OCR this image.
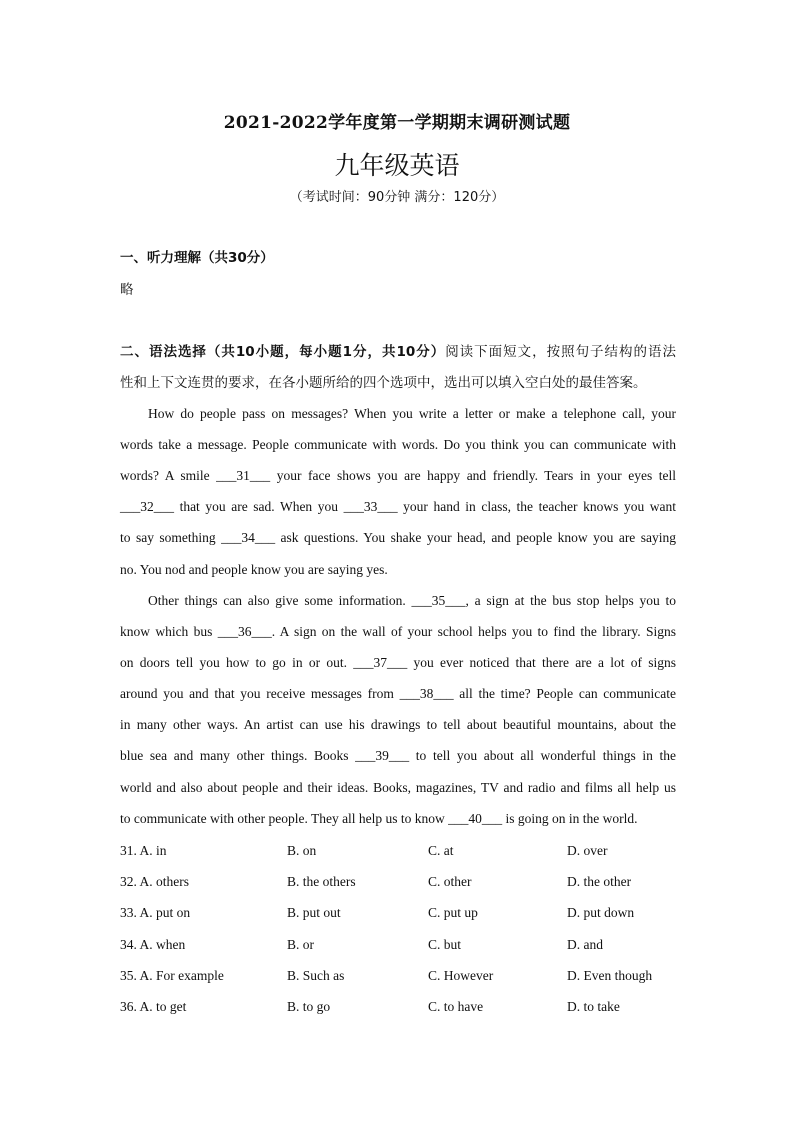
2021-2022学年度第一学期期末调研测试题
九年级英语
（考试时间：90分钟 满分：120分）
一、听力理解（共30分）
略
二、语法选择（共10小题，每小题1分，共10分）阅读下面短文，按照句子结构的语法
性和上下文连贯的要求，在各小题所给的四个选项中，选出可以填入空白处的最佳答案。
How do people pass on messages? When you write a letter or make a telephone call, your
words take a message. People communicate with words. Do you think you can communicate with
words? A smile ___31___ your face shows you are happy and friendly. Tears in your eyes tell
___32___ that you are sad. When you ___33___ your hand in class, the teacher knows you want
to say something ___34___ ask questions. You shake your head, and people know you are saying
no. You nod and people know you are saying yes.
Other things can also give some information. ___35___, a sign at the bus stop helps you to
know which bus ___36___. A sign on the wall of your school helps you to find the library. Signs
on doors tell you how to go in or out. ___37___ you ever noticed that there are a lot of signs
around you and that you receive messages from ___38___ all the time? People can communicate
in many other ways. An artist can use his drawings to tell about beautiful mountains, about the
blue sea and many other things. Books ___39___ to tell you about all wonderful things in the
world and also about people and their ideas. Books, magazines, TV and radio and films all help us
to communicate with other people. They all help us to know ___40___ is going on in the world.
31. A. in	B. on	C. at	D. over
32. A. others	B. the others	C. other	D. the other
33. A. put on	B. put out	C. put up	D. put down
34. A. when	B. or	C. but	D. and
35. A. For example	B. Such as	C. However	D. Even though
36. A. to get	B. to go	C. to have	D. to take
